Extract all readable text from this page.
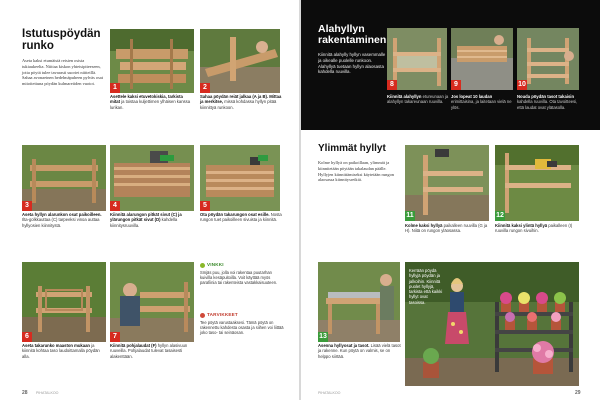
Istutuspöydän runko
Aseta kaksi etumäistä reisien osista tukiaukeelta. Niittaa kiskon yhteisipiteeseen, jotta pöytä tulee tavarasti suoriet niitteillä. Sahaa avonaeinen hedelmäpuheen pylväs osat mitoitettuna pöydän kulmareiiden vuotot.
1
Asettele kaksi etuvetokiskia, tarkista mitat ja toistaa kuljettimen ylhäisen kanssa lurikan.
2
Sahaa pöydän reiät jalkaa (A ja B). Mittaa ja merkitse, missä kohdassa hyllyn pitää kiinnittyä runkoon.
3
Aseta hyllyn alarunkon osat paikoilleen. Ilta-golkkauttaa (C) tarpeeksi vinoa auttaa hyllyosien kiinnitystä.
4
Kiinnitä alarungon pitkät sivut (C) ja ylärungon pitkät sivut (D) kahdella kiinnitysruuvilla.
5
Ota pöydän takarungon osat esille. Nosta rungon tuet paikoilleen sivuista ja kiinnitä.
6
Aseta takarunko maaston mukaan ja kiinnitä kohtaa taso laudoittamalla pöydän alla.
7
Kiinnitä pohjalaudat (F) hyllyn alasivuun ruuveilla. Pohjalaudat tulevat tasaisesti alakenttään.
VINKKI
Smjäs puu, jolla voi rakentaa puutarhan kuivilla kesäpuitoilla. Voit käyttää myös parafiinia tai rakenteista vastakkaisuuteen.
TARVIKKEET
Tee pöytä varustaaksesi. Tämä pöytä on rakennettu kahdesta osasta ja siihen voi liittää joko taso- tai seinäosan.
28 PIHATALKOO
Alahyllyn rakentaminen
Kiinnitä alahylly hyllyn vasemmalle ja oikealle puolelle runkoon. Alahyllyä tuetaan hyllyn alaosasta kahdella ruuvilla.
8
Kiinnitä alahyllyn etureunaan ja alahyllyn takareunaan ruuvilla.
9
Jos lopeat 10 laudan erimittaisina, ja laitetaan vielä ne ylös.
10
Nouda pöydän tasot takaisin kahdella ruuvilla. Ota tavoitteesi, että laudat ovat ylätasolla.
Ylimmät hyllyt
Kolme hyllyä on paikoillaan, ylimmät ja kiinnitetään pöytään takalaudan päälle. Hyllyjen kiinnittämiseksi käytetään rungon alaosassa kiinnitysreikiä.
11
Kolme kaksi hyllyä paikalleen ruuvilla (G ja H). Niitä on rungon yläosassa.
12
Kiinnitä kaksi ylintä hyllyä paikalleen (I) ruuvilla rungon sivuihin.
13
Asenna hyllyosat ja tasot. Lisää vielä tasot ja rakenne. Kun pöytä on valmis, se on helppo siirtää.
Kerrään pöydä hyllyjä pöydän ja jalkoihin. Kiinnitä puolet hyllyjä, tarkista että kaikki hyllyt ovat tasoissa.
PIHATALKOO	29
